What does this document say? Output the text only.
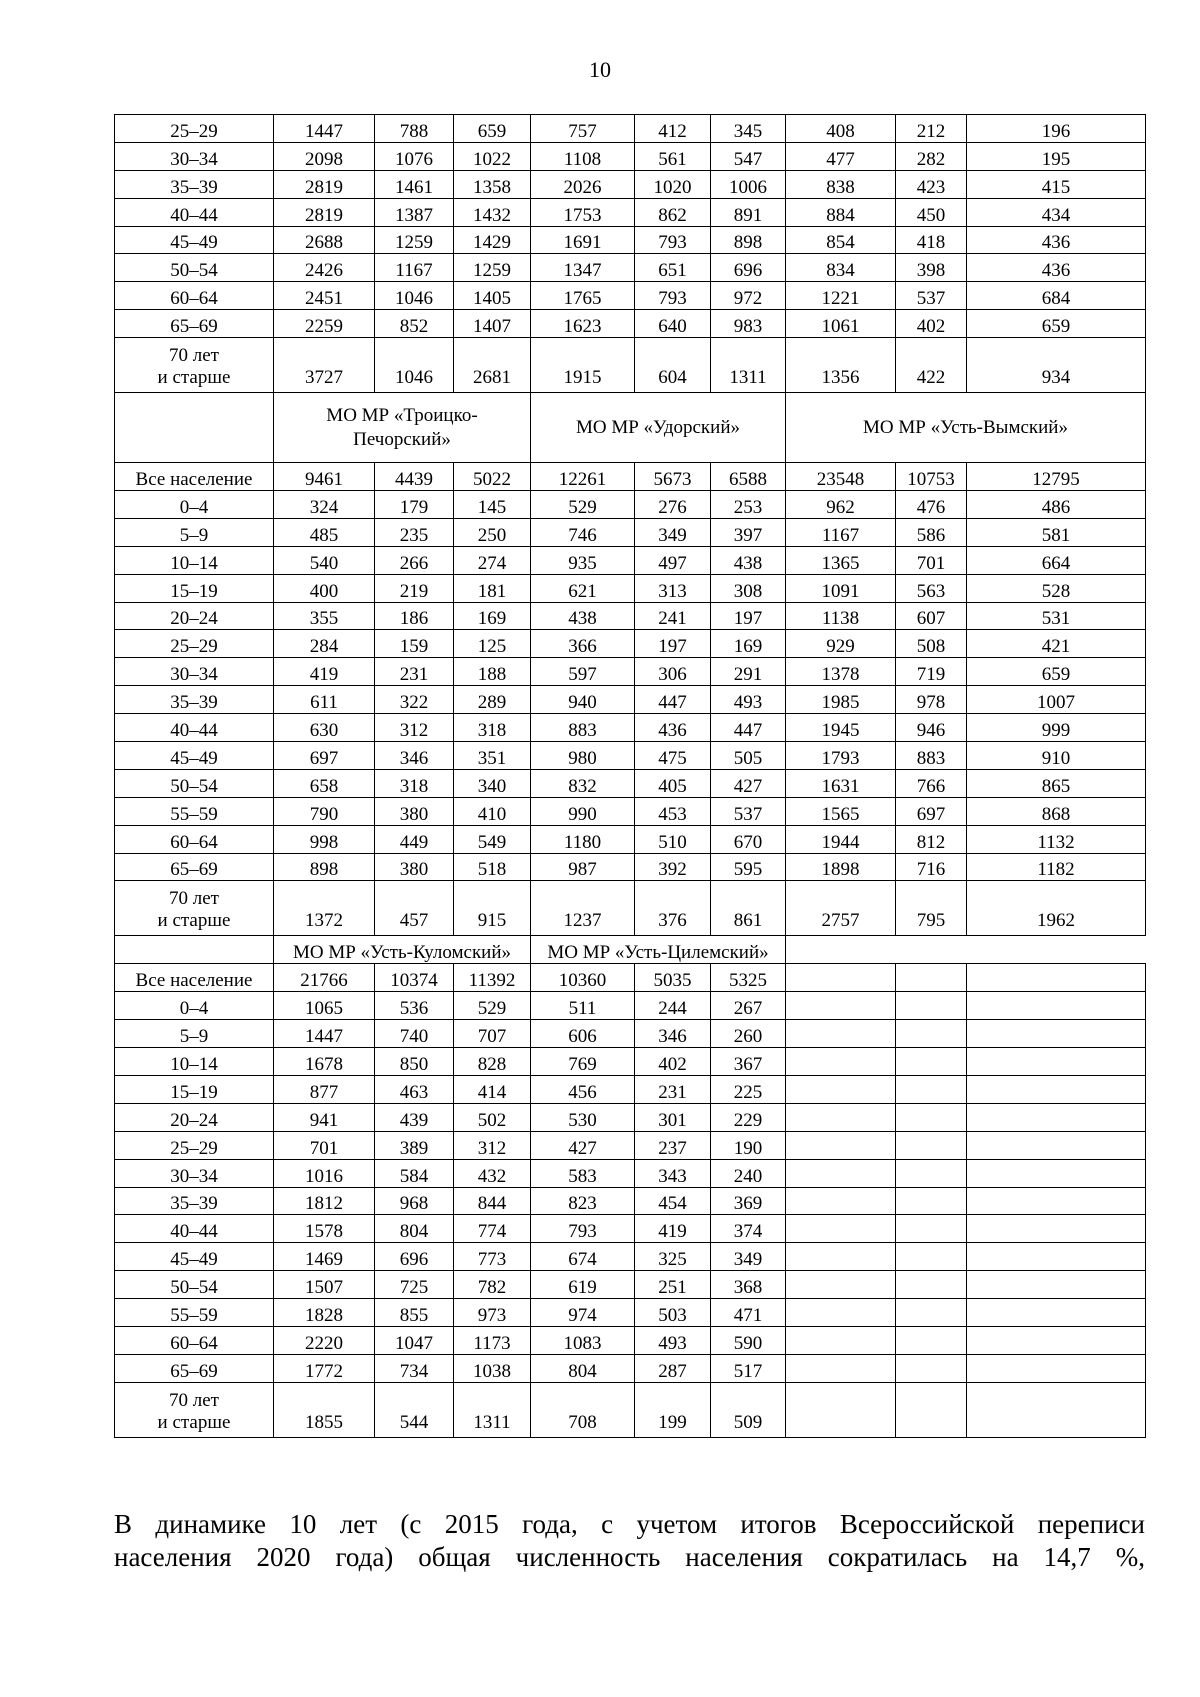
10
25–29	1447	788	659	757	412	345	408	212	196
30–34	2098	1076	1022	1108	561	547	477	282	195
35–39	2819	1461	1358	2026	1020	1006	838	423	415
40–44	2819	1387	1432	1753	862	891	884	450	434
45–49	2688	1259	1429	1691	793	898	854	418	436
50–54	2426	1167	1259	1347	651	696	834	398	436
60–64	2451	1046	1405	1765	793	972	1221	537	684
65–69	2259	852	1407	1623	640	983	1061	402	659
70 лет
и старше	3727	1046	2681	1915	604	1311	1356	422	934
	МО МР «Троицко-
Печорский»			МО МР «Удорский»			МО МР «Усть-Вымский»		
Все население	9461	4439	5022	12261	5673	6588	23548	10753	12795
0–4	324	179	145	529	276	253	962	476	486
5–9	485	235	250	746	349	397	1167	586	581
10–14	540	266	274	935	497	438	1365	701	664
15–19	400	219	181	621	313	308	1091	563	528
20–24	355	186	169	438	241	197	1138	607	531
25–29	284	159	125	366	197	169	929	508	421
30–34	419	231	188	597	306	291	1378	719	659
35–39	611	322	289	940	447	493	1985	978	1007
40–44	630	312	318	883	436	447	1945	946	999
45–49	697	346	351	980	475	505	1793	883	910
50–54	658	318	340	832	405	427	1631	766	865
55–59	790	380	410	990	453	537	1565	697	868
60–64	998	449	549	1180	510	670	1944	812	1132
65–69	898	380	518	987	392	595	1898	716	1182
70 лет
и старше	1372	457	915	1237	376	861	2757	795	1962
	МО МР «Усть-Куломский»			МО МР «Усть-Цилемский»					
Все население	21766	10374	11392	10360	5035	5325			
0–4	1065	536	529	511	244	267			
5–9	1447	740	707	606	346	260			
10–14	1678	850	828	769	402	367			
15–19	877	463	414	456	231	225			
20–24	941	439	502	530	301	229			
25–29	701	389	312	427	237	190			
30–34	1016	584	432	583	343	240			
35–39	1812	968	844	823	454	369			
40–44	1578	804	774	793	419	374			
45–49	1469	696	773	674	325	349			
50–54	1507	725	782	619	251	368			
55–59	1828	855	973	974	503	471			
60–64	2220	1047	1173	1083	493	590			
65–69	1772	734	1038	804	287	517			
70 лет
и старше	1855	544	1311	708	199	509			
В динамике 10 лет (с 2015 года, с учетом итогов Всероссийской переписи
населения 2020 года) общая численность населения сократилась на 14,7 %,
